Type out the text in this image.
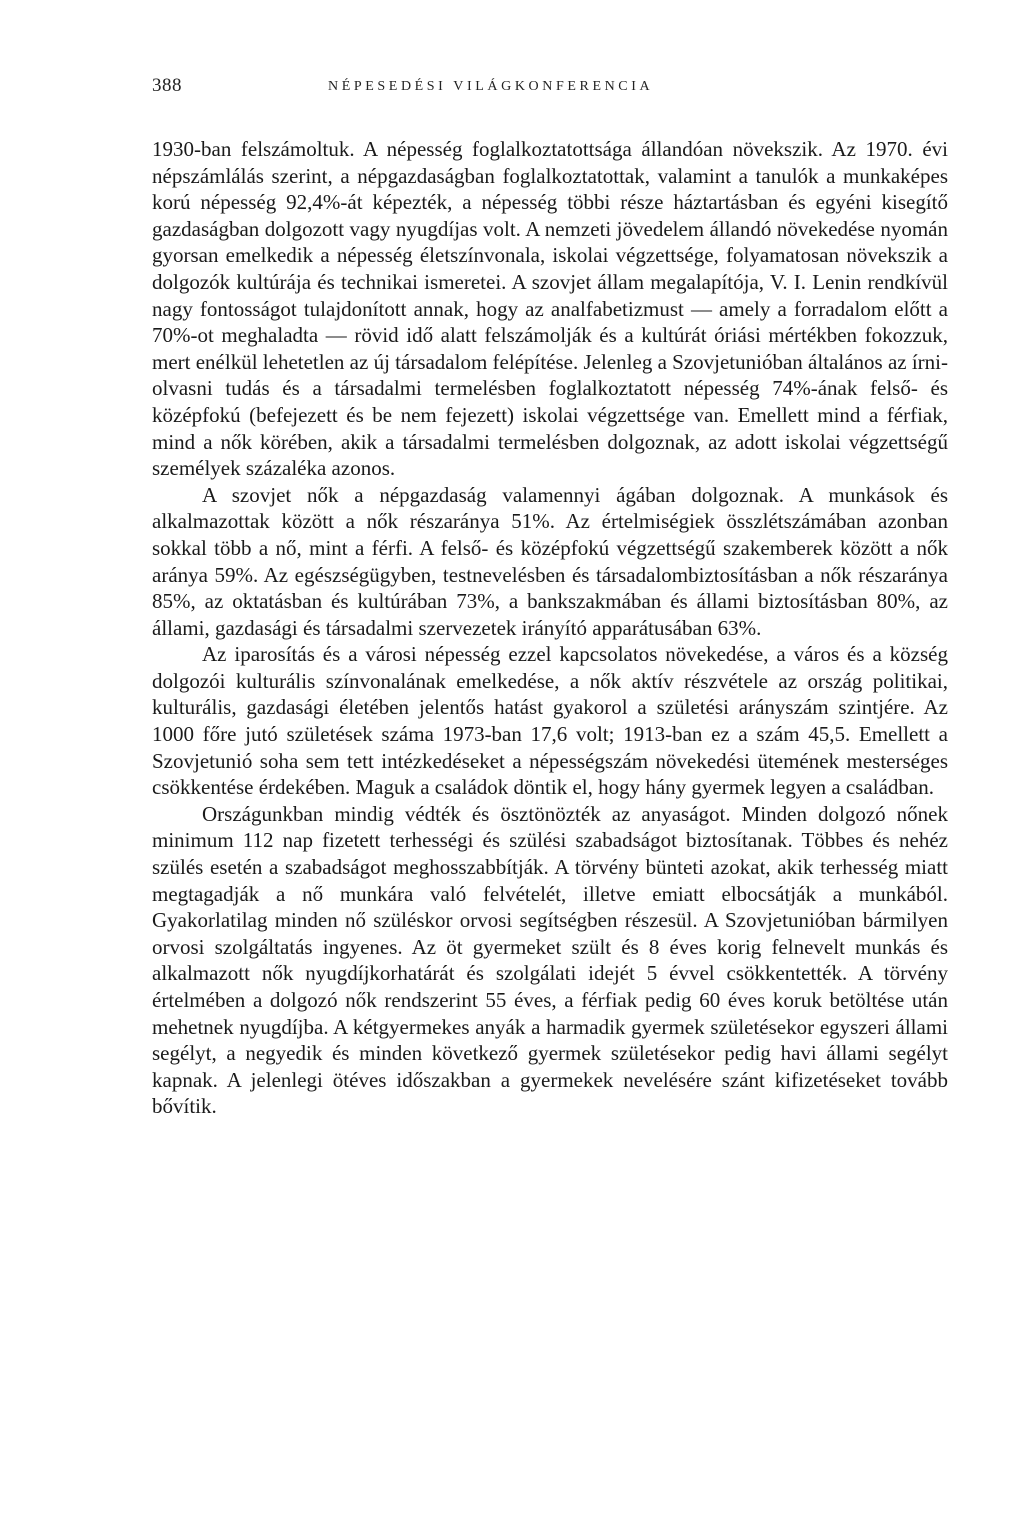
388	NÉPESEDÉSI VILÁGKONFERENCIA

1930-ban felszámoltuk. A népesség foglalkoztatottsága állandóan növekszik. Az 1970. évi népszámlálás szerint, a népgazdaságban foglalkoztatottak, valamint a tanulók a munkaképes korú népesség 92,4%-át képezték, a népesség többi része háztartásban és egyéni kisegítő gazdaságban dolgozott vagy nyugdíjas volt. A nemzeti jövedelem állandó növekedése nyomán gyorsan emelkedik a népesség életszínvonala, iskolai végzettsége, folyamatosan növekszik a dolgozók kultúrája és technikai ismeretei. A szovjet állam megalapítója, V. I. Lenin rendkívül nagy fontosságot tulajdonított annak, hogy az analfabetizmust — amely a forradalom előtt a 70%-ot meghaladta — rövid idő alatt felszámolják és a kultúrát óriási mértékben fokozzuk, mert enélkül lehetetlen az új társadalom felépítése. Jelenleg a Szovjetunióban általános az írni-olvasni tudás és a társadalmi termelésben foglalkoztatott népesség 74%-ának felső- és középfokú (befejezett és be nem fejezett) iskolai végzettsége van. Emellett mind a férfiak, mind a nők körében, akik a társadalmi termelésben dolgoznak, az adott iskolai végzettségű személyek százaléka azonos.

A szovjet nők a népgazdaság valamennyi ágában dolgoznak. A munkások és alkalmazottak között a nők részaránya 51%. Az értelmiségiek összlétszámában azonban sokkal több a nő, mint a férfi. A felső- és középfokú végzettségű szakemberek között a nők aránya 59%. Az egészségügyben, testnevelésben és társadalombiztosításban a nők részaránya 85%, az oktatásban és kultúrában 73%, a bankszakmában és állami biztosításban 80%, az állami, gazdasági és társadalmi szervezetek irányító apparátusában 63%.

Az iparosítás és a városi népesség ezzel kapcsolatos növekedése, a város és a község dolgozói kulturális színvonalának emelkedése, a nők aktív részvétele az ország politikai, kulturális, gazdasági életében jelentős hatást gyakorol a születési arányszám szintjére. Az 1000 főre jutó születések száma 1973-ban 17,6 volt; 1913-ban ez a szám 45,5. Emellett a Szovjetunió soha sem tett intézkedéseket a népességszám növekedési ütemének mesterséges csökkentése érdekében. Maguk a családok döntik el, hogy hány gyermek legyen a családban.

Országunkban mindig védték és ösztönözték az anyaságot. Minden dolgozó nőnek minimum 112 nap fizetett terhességi és szülési szabadságot biztosítanak. Többes és nehéz szülés esetén a szabadságot meghosszabbítják. A törvény bünteti azokat, akik terhesség miatt megtagadják a nő munkára való felvételét, illetve emiatt elbocsátják a munkából. Gyakorlatilag minden nő szüléskor orvosi segítségben részesül. A Szovjetunióban bármilyen orvosi szolgáltatás ingyenes. Az öt gyermeket szült és 8 éves korig felnevelt munkás és alkalmazott nők nyugdíjkorhatárát és szolgálati idejét 5 évvel csökkentették. A törvény értelmében a dolgozó nők rendszerint 55 éves, a férfiak pedig 60 éves koruk betöltése után mehetnek nyugdíjba. A kétgyermekes anyák a harmadik gyermek születésekor egyszeri állami segélyt, a negyedik és minden következő gyermek születésekor pedig havi állami segélyt kapnak. A jelenlegi ötéves időszakban a gyermekek nevelésére szánt kifizetéseket tovább bővítik.
